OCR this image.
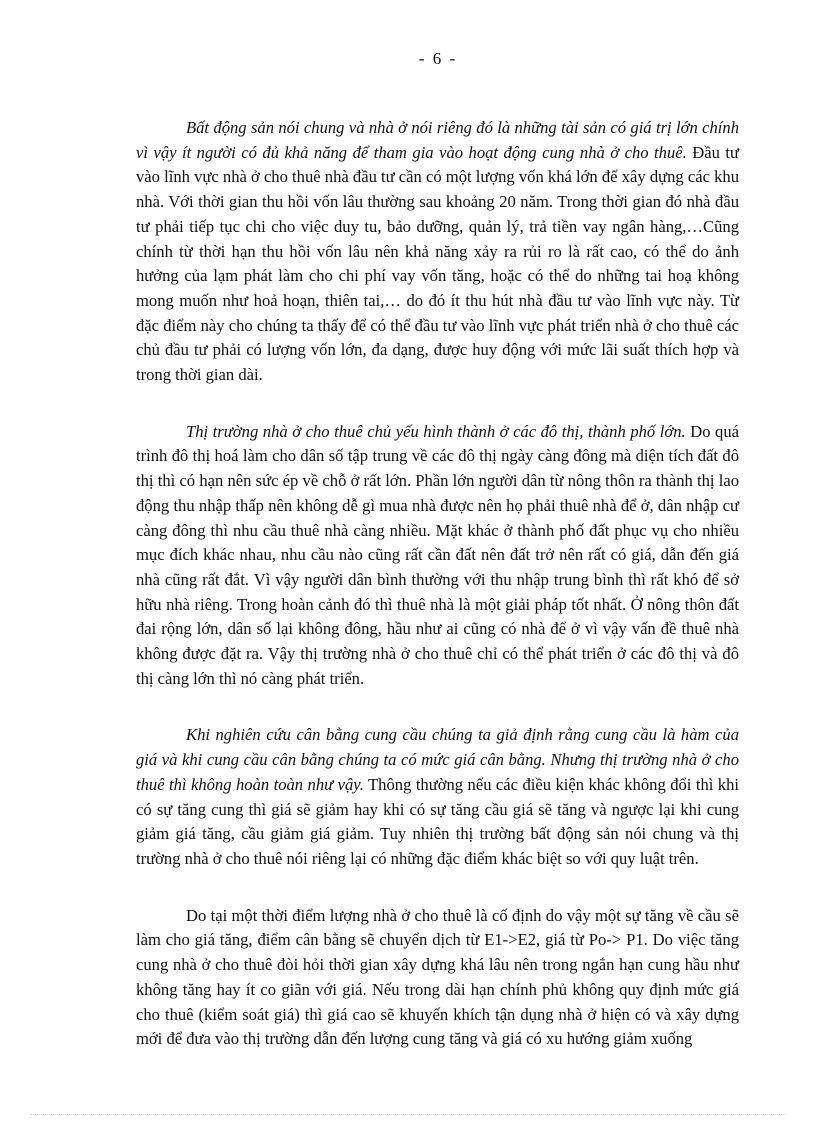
- 6 -

Bất động sản nói chung và nhà ở nói riêng đó là những tài sản có giá trị lớn chính vì vậy ít người có đủ khả năng để tham gia vào hoạt động cung nhà ở cho thuê. Đầu tư vào lĩnh vực nhà ở cho thuê nhà đầu tư cần có một lượng vốn khá lớn để xây dựng các khu nhà. Với thời gian thu hồi vốn lâu thường sau khoảng 20 năm. Trong thời gian đó nhà đầu tư phải tiếp tục chi cho việc duy tu, bảo dưỡng, quản lý, trả tiền vay ngân hàng,…Cũng chính từ thời hạn thu hồi vốn lâu nên khả năng xảy ra rủi ro là rất cao, có thể do ảnh hưởng của lạm phát làm cho chi phí vay vốn tăng, hoặc có thể do những tai hoạ không mong muốn như hoả hoạn, thiên tai,… do đó ít thu hút nhà đầu tư vào lĩnh vực này. Từ đặc điểm này cho chúng ta thấy để có thể đầu tư vào lĩnh vực phát triển nhà ở cho thuê các chủ đầu tư phải có lượng vốn lớn, đa dạng, được huy động với mức lãi suất thích hợp và trong thời gian dài.

Thị trường nhà ở cho thuê chủ yếu hình thành ở các đô thị, thành phố lớn. Do quá trình đô thị hoá làm cho dân số tập trung về các đô thị ngày càng đông mà diện tích đất đô thị thì có hạn nên sức ép về chỗ ở rất lớn. Phần lớn người dân từ nông thôn ra thành thị lao động thu nhập thấp nên không dễ gì mua nhà được nên họ phải thuê nhà để ở, dân nhập cư càng đông thì nhu cầu thuê nhà càng nhiều. Mặt khác ở thành phố đất phục vụ cho nhiều mục đích khác nhau, nhu cầu nào cũng rất cần đất nên đất trở nên rất có giá, dẫn đến giá nhà cũng rất đắt. Vì vậy người dân bình thường với thu nhập trung bình thì rất khó để sở hữu nhà riêng. Trong hoàn cảnh đó thì thuê nhà là một giải pháp tốt nhất. Ở nông thôn đất đai rộng lớn, dân số lại không đông, hầu như ai cũng có nhà để ở vì vậy vấn đề thuê nhà không được đặt ra. Vậy thị trường nhà ở cho thuê chỉ có thể phát triển ở các đô thị và đô thị càng lớn thì nó càng phát triển.

Khi nghiên cứu cân bằng cung cầu chúng ta giả định rằng cung cầu là hàm của giá và khi cung cầu cân bằng chúng ta có mức giá cân bằng. Nhưng thị trường nhà ở cho thuê thì không hoàn toàn như vậy. Thông thường nếu các điều kiện khác không đổi thì khi có sự tăng cung thì giá sẽ giảm hay khi có sự tăng cầu giá sẽ tăng và ngược lại khi cung giảm giá tăng, cầu giảm giá giảm. Tuy nhiên thị trường bất động sản nói chung và thị trường nhà ở cho thuê nói riêng lại có những đặc điểm khác biệt so với quy luật trên.

Do tại một thời điểm lượng nhà ở cho thuê là cố định do vậy một sự tăng về cầu sẽ làm cho giá tăng, điểm cân bằng sẽ chuyển dịch từ E1->E2, giá từ Po-> P1. Do việc tăng cung nhà ở cho thuê đòi hỏi thời gian xây dựng khá lâu nên trong ngắn hạn cung hầu như không tăng hay ít co giãn với giá. Nếu trong dài hạn chính phủ không quy định mức giá cho thuê (kiểm soát giá) thì giá cao sẽ khuyến khích tận dụng nhà ở hiện có và xây dựng mới để đưa vào thị trường dẫn đến lượng cung tăng và giá có xu hướng giảm xuống
